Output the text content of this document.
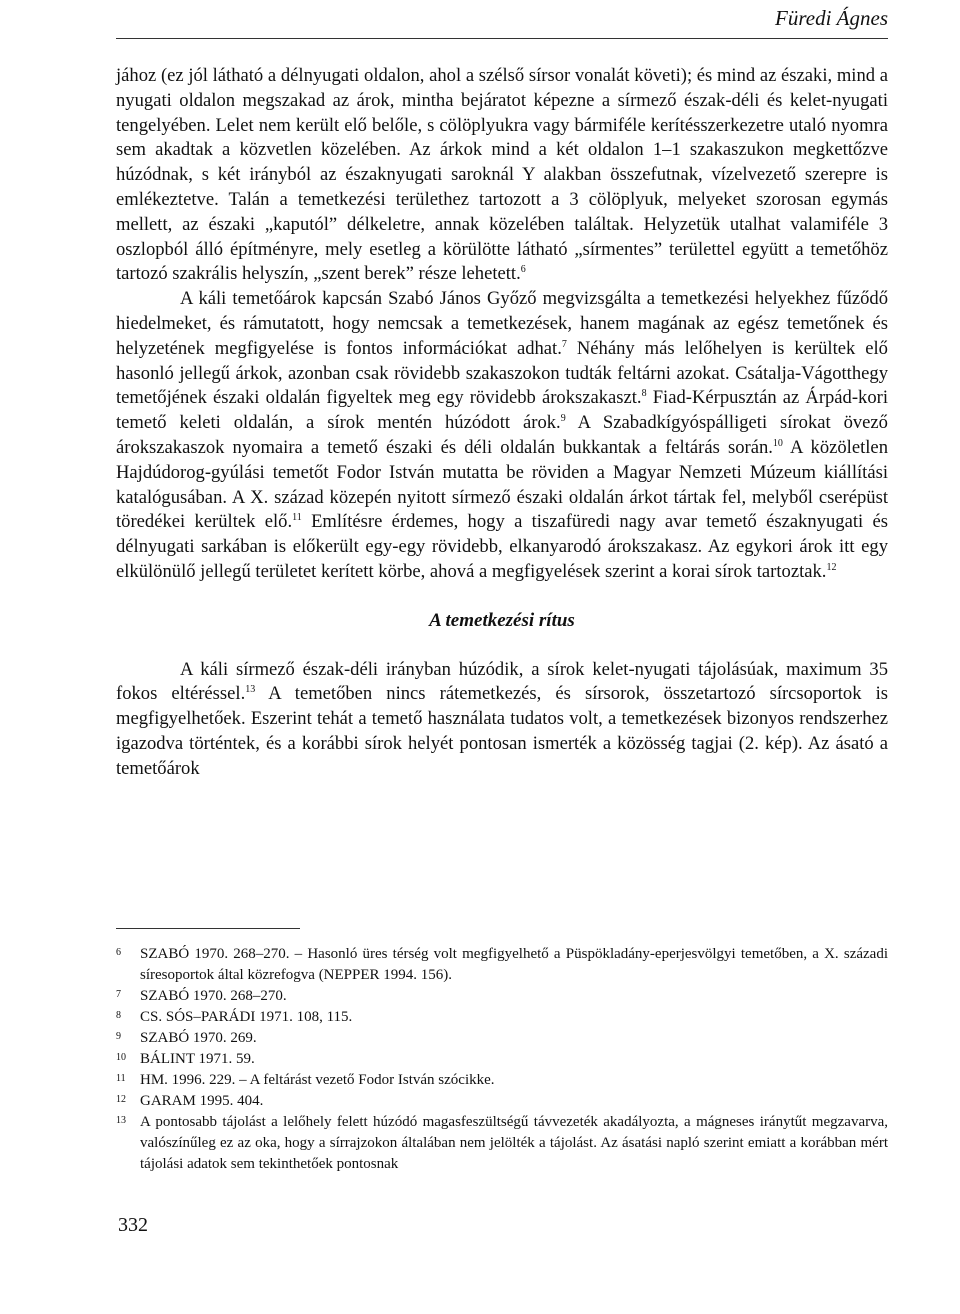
Füredi Ágnes

jához (ez jól látható a délnyugati oldalon, ahol a szélső sírsor vonalát követi); és mind az északi, mind a nyugati oldalon megszakad az árok, mintha bejáratot képezne a sírmező észak-déli és kelet-nyugati tengelyében. Lelet nem került elő belőle, s cölöplyukra vagy bármiféle kerítésszerkezetre utaló nyomra sem akadtak a közvetlen közelében. Az árkok mind a két oldalon 1–1 szakaszukon megkettőzve húzódnak, s két irányból az északnyugati saroknál Y alakban összefutnak, vízelvezető szerepre is emlékeztetve. Talán a temetkezési területhez tartozott a 3 cölöplyuk, melyeket szorosan egymás mellett, az északi „kaputól” délkeletre, annak közelében találtak. Helyzetük utalhat valamiféle 3 oszlopból álló építményre, mely esetleg a körülötte látható „sírmentes” területtel együtt a temetőhöz tartozó szakrális helyszín, „szent berek” része lehetett.$^6$

A káli temetőárok kapcsán Szabó János Győző megvizsgálta a temetkezési helyekhez fűződő hiedelmeket, és rámutatott, hogy nemcsak a temetkezések, hanem magának az egész temetőnek és helyzetének megfigyelése is fontos információkat adhat.$^7$ Néhány más lelőhelyen is kerültek elő hasonló jellegű árkok, azonban csak rövidebb szakaszokon tudták feltárni azokat. Csátalja-Vágotthegy temetőjének északi oldalán figyeltek meg egy rövidebb árokszakaszt.$^8$ Fiad-Kérpusztán az Árpád-kori temető keleti oldalán, a sírok mentén húzódott árok.$^9$ A Szabadkígyóspálligeti sírokat övező árokszakaszok nyomaira a temető északi és déli oldalán bukkantak a feltárás során.$^{10}$ A közöletlen Hajdúdorog-gyúlási temetőt Fodor István mutatta be röviden a Magyar Nemzeti Múzeum kiállítási katalógusában. A X. század közepén nyitott sírmező északi oldalán árkot tártak fel, melyből cserépüst töredékei kerültek elő.$^{11}$ Említésre érdemes, hogy a tiszafüredi nagy avar temető északnyugati és délnyugati sarkában is előkerült egy-egy rövidebb, elkanyarodó árokszakasz. Az egykori árok itt egy elkülönülő jellegű területet kerített körbe, ahová a megfigyelések szerint a korai sírok tartoztak.$^{12}$

A temetkezési rítus

A káli sírmező észak-déli irányban húzódik, a sírok kelet-nyugati tájolásúak, maximum 35 fokos eltéréssel.$^{13}$ A temetőben nincs rátemetkezés, és sírsorok, összetartozó sírcsoportok is megfigyelhetőek. Eszerint tehát a temető használata tudatos volt, a temetkezések bizonyos rendszerhez igazodva történtek, és a korábbi sírok helyét pontosan ismerték a közösség tagjai (2. kép). Az ásató a temetőárok

6	SZABÓ 1970. 268–270. – Hasonló üres térség volt megfigyelhető a Püspökladány-eperjesvölgyi temetőben, a X. századi síresoportok által közrefogva (NEPPER 1994. 156).
7	SZABÓ 1970. 268–270.
8	CS. SÓS–PARÁDI 1971. 108, 115.
9	SZABÓ 1970. 269.
10 BÁLINT 1971. 59.
11 HM. 1996. 229. – A feltárást vezető Fodor István szócikke.
12 GARAM 1995. 404.
13 A pontosabb tájolást a lelőhely felett húzódó magasfeszültségű távvezeték akadályozta, a mágneses iránytűt megzavarva, valószínűleg ez az oka, hogy a sírrajzokon általában nem jelölték a tájolást. Az ásatási napló szerint emiatt a korábban mért tájolási adatok sem tekinthetőek pontosnak
332
